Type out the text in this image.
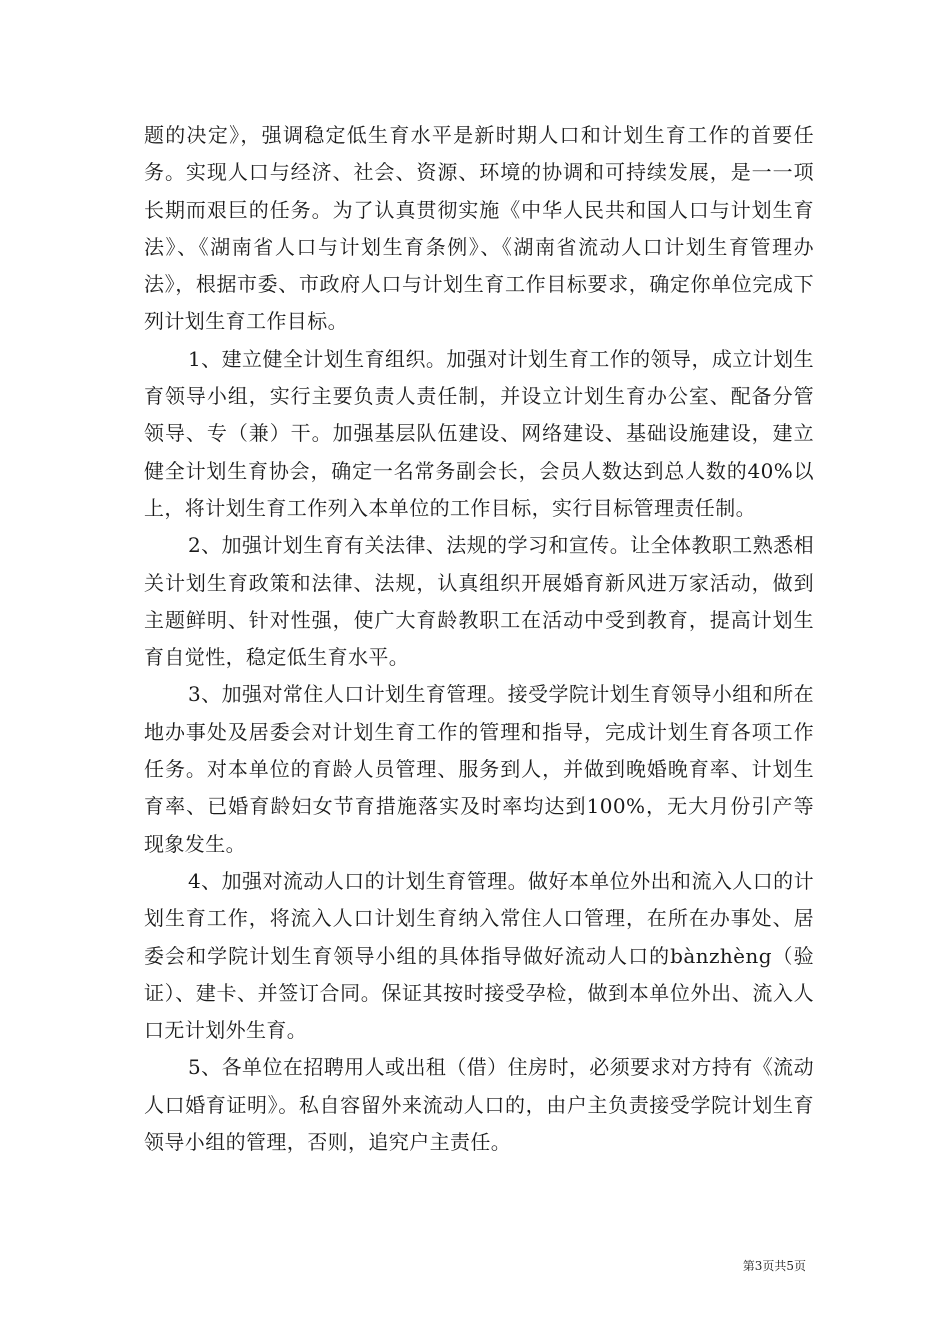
题的决定》，强调稳定低生育水平是新时期人口和计划生育工作的首要任务。实现人口与经济、社会、资源、环境的协调和可持续发展，是一一项长期而艰巨的任务。为了认真贯彻实施《中华人民共和国人口与计划生育法》、《湖南省人口与计划生育条例》、《湖南省流动人口计划生育管理办法》，根据市委、市政府人口与计划生育工作目标要求，确定你单位完成下列计划生育工作目标。

1、建立健全计划生育组织。加强对计划生育工作的领导，成立计划生育领导小组，实行主要负责人责任制，并设立计划生育办公室、配备分管领导、专（兼）干。加强基层队伍建设、网络建设、基础设施建设，建立健全计划生育协会，确定一名常务副会长，会员人数达到总人数的40%以上，将计划生育工作列入本单位的工作目标，实行目标管理责任制。

2、加强计划生育有关法律、法规的学习和宣传。让全体教职工熟悉相关计划生育政策和法律、法规，认真组织开展婚育新风进万家活动，做到主题鲜明、针对性强，使广大育龄教职工在活动中受到教育，提高计划生育自觉性，稳定低生育水平。

3、加强对常住人口计划生育管理。接受学院计划生育领导小组和所在地办事处及居委会对计划生育工作的管理和指导，完成计划生育各项工作任务。对本单位的育龄人员管理、服务到人，并做到晚婚晚育率、计划生育率、已婚育龄妇女节育措施落实及时率均达到100%，无大月份引产等现象发生。

4、加强对流动人口的计划生育管理。做好本单位外出和流入人口的计划生育工作，将流入人口计划生育纳入常住人口管理，在所在办事处、居委会和学院计划生育领导小组的具体指导做好流动人口的bànzhèng（验证）、建卡、并签订合同。保证其按时接受孕检，做到本单位外出、流入人口无计划外生育。

5、各单位在招聘用人或出租（借）住房时，必须要求对方持有《流动人口婚育证明》。私自容留外来流动人口的，由户主负责接受学院计划生育领导小组的管理，否则，追究户主责任。

第3页共5页
